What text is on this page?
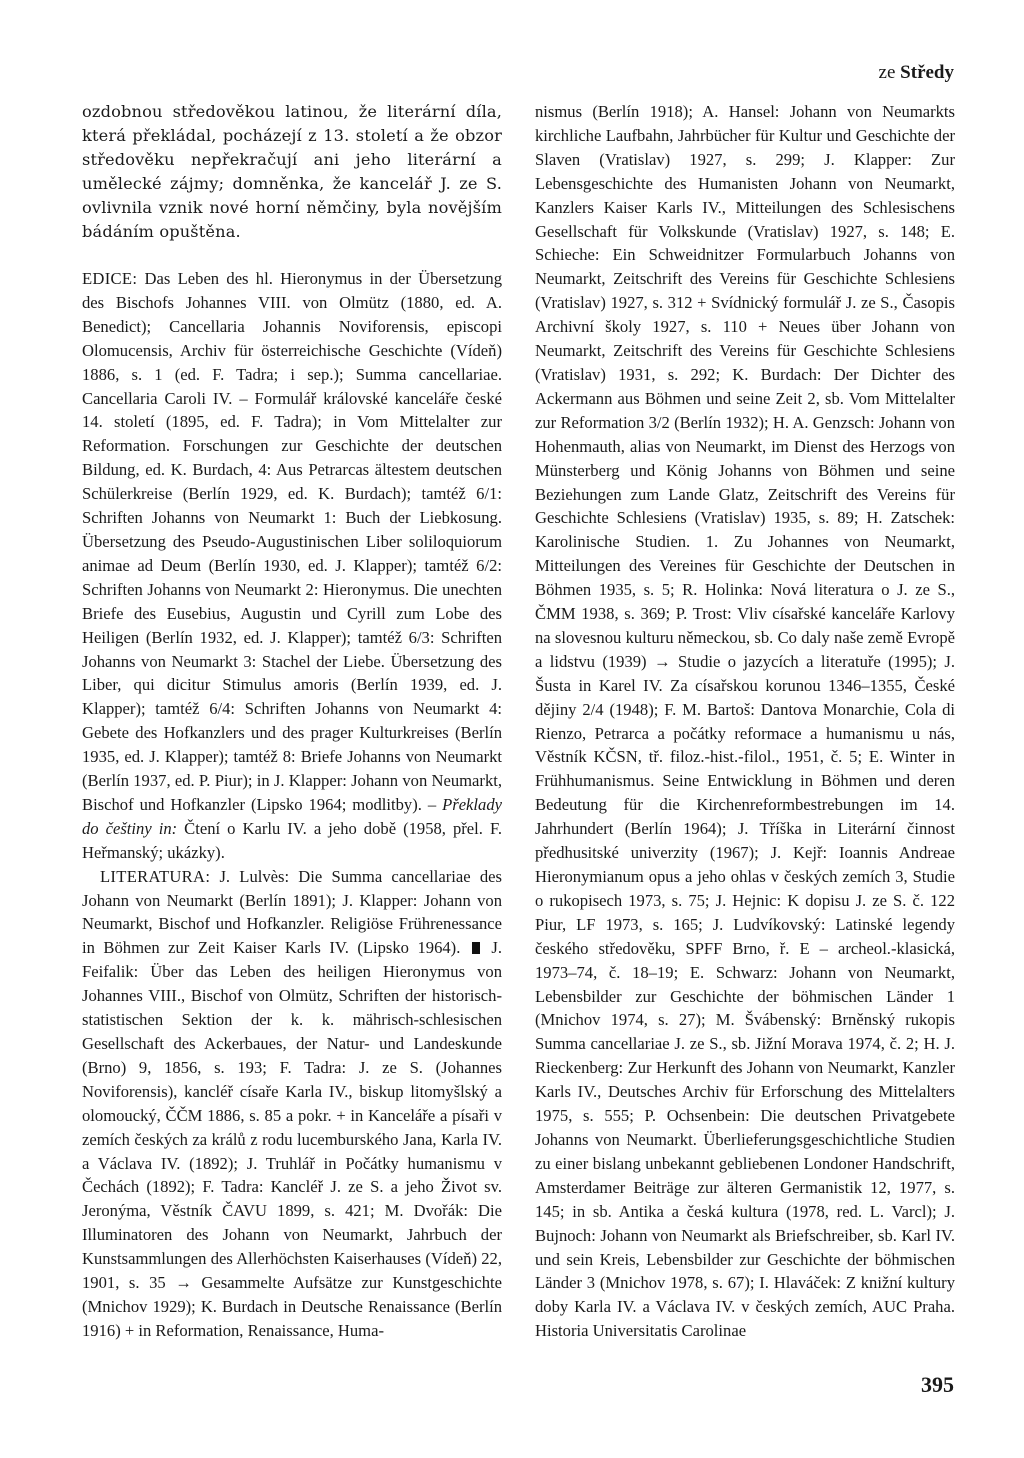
ze Středy

ozdobnou středověkou latinou, že literární díla, která překládal, pocházejí z 13. století a že obzor středověku nepřekračují ani jeho literární a umělecké zájmy; domněnka, že kancelář J. ze S. ovlivnila vznik nové horní němčiny, byla novějším bádáním opuštěna.

EDICE: Das Leben des hl. Hieronymus in der Übersetzung des Bischofs Johannes VIII. von Olmütz (1880, ed. A. Benedict); Cancellaria Johannis Noviforensis, episcopi Olomucensis, Archiv für österreichische Geschichte (Vídeň) 1886, s. 1 (ed. F. Tadra; i sep.); Summa cancellariae. Cancellaria Caroli IV. – Formulář královské kanceláře české 14. století (1895, ed. F. Tadra); in Vom Mittelalter zur Reformation. Forschungen zur Geschichte der deutschen Bildung, ed. K. Burdach, 4: Aus Petrarcas ältestem deutschen Schülerkreise (Berlín 1929, ed. K. Burdach); tamtéž 6/1: Schriften Johanns von Neumarkt 1: Buch der Liebkosung. Übersetzung des Pseudo-Augustinischen Liber soliloquiorum animae ad Deum (Berlín 1930, ed. J. Klapper); tamtéž 6/2: Schriften Johanns von Neumarkt 2: Hieronymus. Die unechten Briefe des Eusebius, Augustin und Cyrill zum Lobe des Heiligen (Berlín 1932, ed. J. Klapper); tamtéž 6/3: Schriften Johanns von Neumarkt 3: Stachel der Liebe. Übersetzung des Liber, qui dicitur Stimulus amoris (Berlín 1939, ed. J. Klapper); tamtéž 6/4: Schriften Johanns von Neumarkt 4: Gebete des Hofkanzlers und des prager Kulturkreises (Berlín 1935, ed. J. Klapper); tamtéž 8: Briefe Johanns von Neumarkt (Berlín 1937, ed. P. Piur); in J. Klapper: Johann von Neumarkt, Bischof und Hofkanzler (Lipsko 1964; modlitby). – Překlady do češtiny in: Čtení o Karlu IV. a jeho době (1958, přel. F. Heřmanský; ukázky).

LITERATURA: J. Lulvès: Die Summa cancellariae des Johann von Neumarkt (Berlín 1891); J. Klapper: Johann von Neumarkt, Bischof und Hofkanzler. Religiöse Frührenessance in Böhmen zur Zeit Kaiser Karls IV. (Lipsko 1964). J. Feifalik: Über das Leben des heiligen Hieronymus von Johannes VIII., Bischof von Olmütz, Schriften der historisch-statistischen Sektion der k. k. mährisch-schlesischen Gesellschaft des Ackerbaues, der Natur- und Landeskunde (Brno) 9, 1856, s. 193; F. Tadra: J. ze S. (Johannes Noviforensis), kancléř císaře Karla IV., biskup litomyšlský a olomoucký, ČČM 1886, s. 85 a pokr. + in Kanceláře a písaři v zemích českých za králů z rodu lucemburského Jana, Karla IV. a Václava IV. (1892); J. Truhlář in Počátky humanismu v Čechách (1892); F. Tadra: Kancléř J. ze S. a jeho Život sv. Jeronýma, Věstník ČAVU 1899, s. 421; M. Dvořák: Die Illuminatoren des Johann von Neumarkt, Jahrbuch der Kunstsammlungen des Allerhöchsten Kaiserhauses (Vídeň) 22, 1901, s. 35 → Gesammelte Aufsätze zur Kunstgeschichte (Mnichov 1929); K. Burdach in Deutsche Renaissance (Berlín 1916) + in Reformation, Renaissance, Huma-

nismus (Berlín 1918); A. Hansel: Johann von Neumarkts kirchliche Laufbahn, Jahrbücher für Kultur und Geschichte der Slaven (Vratislav) 1927, s. 299; J. Klapper: Zur Lebensgeschichte des Humanisten Johann von Neumarkt, Kanzlers Kaiser Karls IV., Mitteilungen des Schlesischens Gesellschaft für Volkskunde (Vratislav) 1927, s. 148; E. Schieche: Ein Schweidnitzer Formularbuch Johanns von Neumarkt, Zeitschrift des Vereins für Geschichte Schlesiens (Vratislav) 1927, s. 312 + Svídnický formulář J. ze S., Časopis Archivní školy 1927, s. 110 + Neues über Johann von Neumarkt, Zeitschrift des Vereins für Geschichte Schlesiens (Vratislav) 1931, s. 292; K. Burdach: Der Dichter des Ackermann aus Böhmen und seine Zeit 2, sb. Vom Mittelalter zur Reformation 3/2 (Berlín 1932); H. A. Genzsch: Johann von Hohenmauth, alias von Neumarkt, im Dienst des Herzogs von Münsterberg und König Johanns von Böhmen und seine Beziehungen zum Lande Glatz, Zeitschrift des Vereins für Geschichte Schlesiens (Vratislav) 1935, s. 89; H. Zatschek: Karolinische Studien. 1. Zu Johannes von Neumarkt, Mitteilungen des Vereines für Geschichte der Deutschen in Böhmen 1935, s. 5; R. Holinka: Nová literatura o J. ze S., ČMM 1938, s. 369; P. Trost: Vliv císařské kanceláře Karlovy na slovesnou kulturu německou, sb. Co daly naše země Evropě a lidstvu (1939) → Studie o jazycích a literatuře (1995); J. Šusta in Karel IV. Za císařskou korunou 1346–1355, České dějiny 2/4 (1948); F. M. Bartoš: Dantova Monarchie, Cola di Rienzo, Petrarca a počátky reformace a humanismu u nás, Věstník KČSN, tř. filoz.-hist.-filol., 1951, č. 5; E. Winter in Frühhumanismus. Seine Entwicklung in Böhmen und deren Bedeutung für die Kirchenreformbestrebungen im 14. Jahrhundert (Berlín 1964); J. Tříška in Literární činnost předhusitské univerzity (1967); J. Kejř: Ioannis Andreae Hieronymianum opus a jeho ohlas v českých zemích 3, Studie o rukopisech 1973, s. 75; J. Hejnic: K dopisu J. ze S. č. 122 Piur, LF 1973, s. 165; J. Ludvíkovský: Latinské legendy českého středověku, SPFF Brno, ř. E – archeol.-klasická, 1973–74, č. 18–19; E. Schwarz: Johann von Neumarkt, Lebensbilder zur Geschichte der böhmischen Länder 1 (Mnichov 1974, s. 27); M. Švábenský: Brněnský rukopis Summa cancellariae J. ze S., sb. Jižní Morava 1974, č. 2; H. J. Rieckenberg: Zur Herkunft des Johann von Neumarkt, Kanzler Karls IV., Deutsches Archiv für Erforschung des Mittelalters 1975, s. 555; P. Ochsenbein: Die deutschen Privatgebete Johanns von Neumarkt. Überlieferungsgeschichtliche Studien zu einer bislang unbekannt gebliebenen Londoner Handschrift, Amsterdamer Beiträge zur älteren Germanistik 12, 1977, s. 145; in sb. Antika a česká kultura (1978, red. L. Varcl); J. Bujnoch: Johann von Neumarkt als Briefschreiber, sb. Karl IV. und sein Kreis, Lebensbilder zur Geschichte der böhmischen Länder 3 (Mnichov 1978, s. 67); I. Hlaváček: Z knižní kultury doby Karla IV. a Václava IV. v českých zemích, AUC Praha. Historia Universitatis Carolinae

395
